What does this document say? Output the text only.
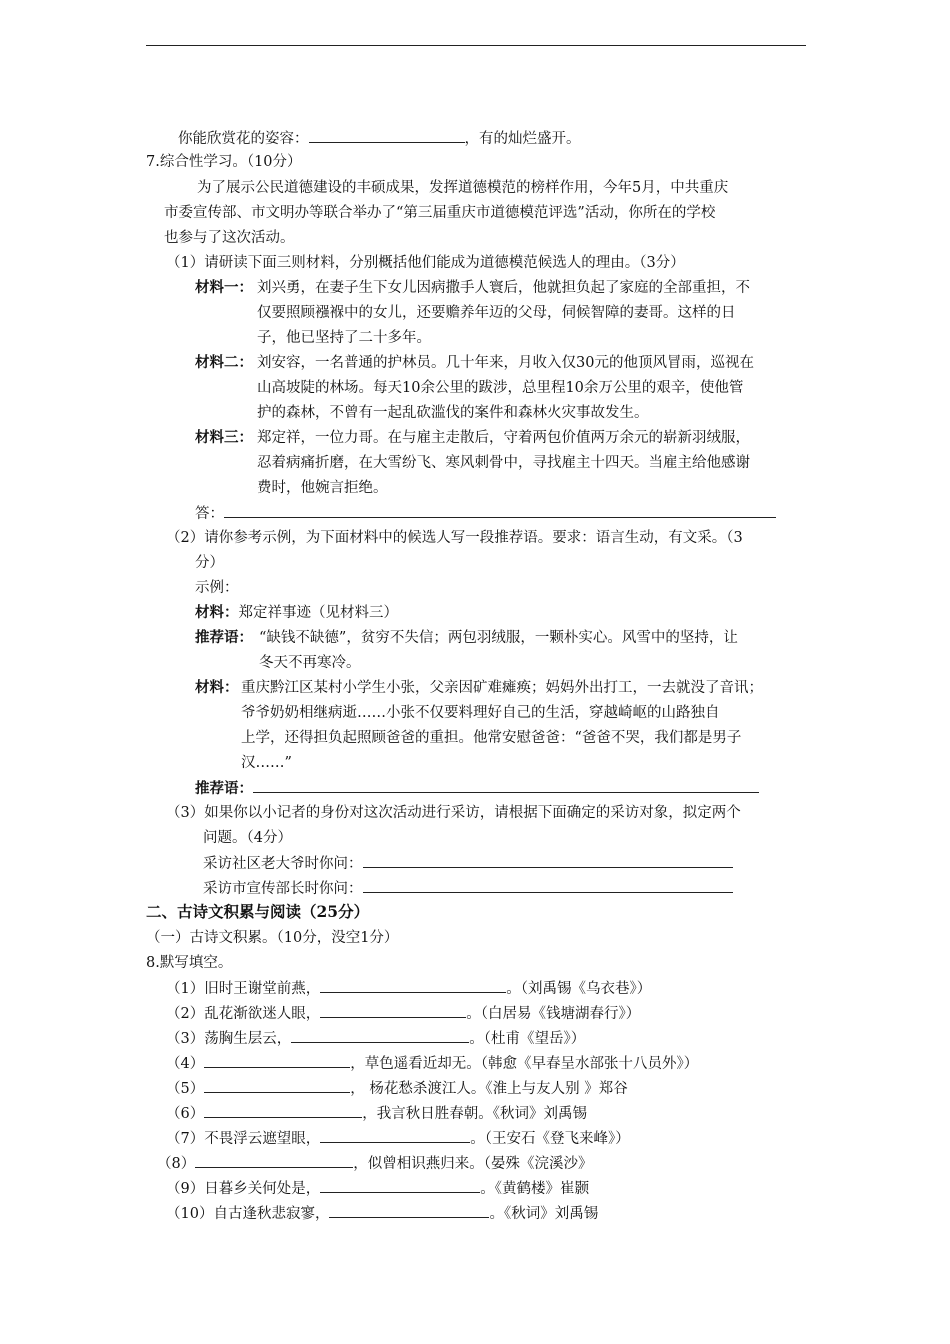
你能欣赏花的姿容：	，有的灿烂盛开。
7.综合性学习。（10分）
为了展示公民道德建设的丰硕成果，发挥道德模范的榜样作用，今年5月，中共重庆
市委宣传部、市文明办等联合举办了“第三届重庆市道德模范评选”活动，你所在的学校
也参与了这次活动。
（1）请研读下面三则材料，分别概括他们能成为道德模范候选人的理由。（3分）
材料一： 刘兴勇，在妻子生下女儿因病撒手人寰后，他就担负起了家庭的全部重担，不
仅要照顾襁褓中的女儿，还要赡养年迈的父母，伺候智障的妻哥。这样的日
子，他已坚持了二十多年。
材料二： 刘安容，一名普通的护林员。几十年来，月收入仅30元的他顶风冒雨，巡视在
山高坡陡的林场。每天10余公里的跋涉，总里程10余万公里的艰辛，使他管
护的森林，不曾有一起乱砍滥伐的案件和森林火灾事故发生。
材料三： 郑定祥，一位力哥。在与雇主走散后，守着两包价值两万余元的崭新羽绒服，
忍着病痛折磨，在大雪纷飞、寒风刺骨中，寻找雇主十四天。当雇主给他感谢
费时，他婉言拒绝。
答：
（2）请你参考示例，为下面材料中的候选人写一段推荐语。要求：语言生动，有文采。（3
分）
示例：
材料：郑定祥事迹（见材料三）
推荐语： “缺钱不缺德”，贫穷不失信；两包羽绒服，一颗朴实心。风雪中的坚持，让
冬天不再寒冷。
材料： 重庆黔江区某村小学生小张，父亲因矿难瘫痪；妈妈外出打工，一去就没了音讯；
爷爷奶奶相继病逝……小张不仅要料理好自己的生活，穿越崎岖的山路独自
上学，还得担负起照顾爸爸的重担。他常安慰爸爸：“爸爸不哭，我们都是男子
汉……”
推荐语：
（3）如果你以小记者的身份对这次活动进行采访，请根据下面确定的采访对象，拟定两个
问题。（4分）
采访社区老大爷时你问：
采访市宣传部长时你问：
二、古诗文积累与阅读（25分）
（一）古诗文积累。（10分，没空1分）
8.默写填空。
（1）旧时王谢堂前燕，	。（刘禹锡《乌衣巷》）
（2）乱花渐欲迷人眼，	。（白居易《钱塘湖春行》）
（3）荡胸生层云，	。（杜甫《望岳》）
（4）	，草色遥看近却无。（韩愈《早春呈水部张十八员外》）
（5）	， 杨花愁杀渡江人。《淮上与友人别 》郑谷
（6）	，我言秋日胜春朝。《秋词》刘禹锡
（7）不畏浮云遮望眼，	。（王安石《登飞来峰》）
（8）	，似曾相识燕归来。（晏殊《浣溪沙》
（9）日暮乡关何处是，	。《黄鹤楼》崔颢
（10）自古逢秋悲寂寥，	。《秋词》刘禹锡
